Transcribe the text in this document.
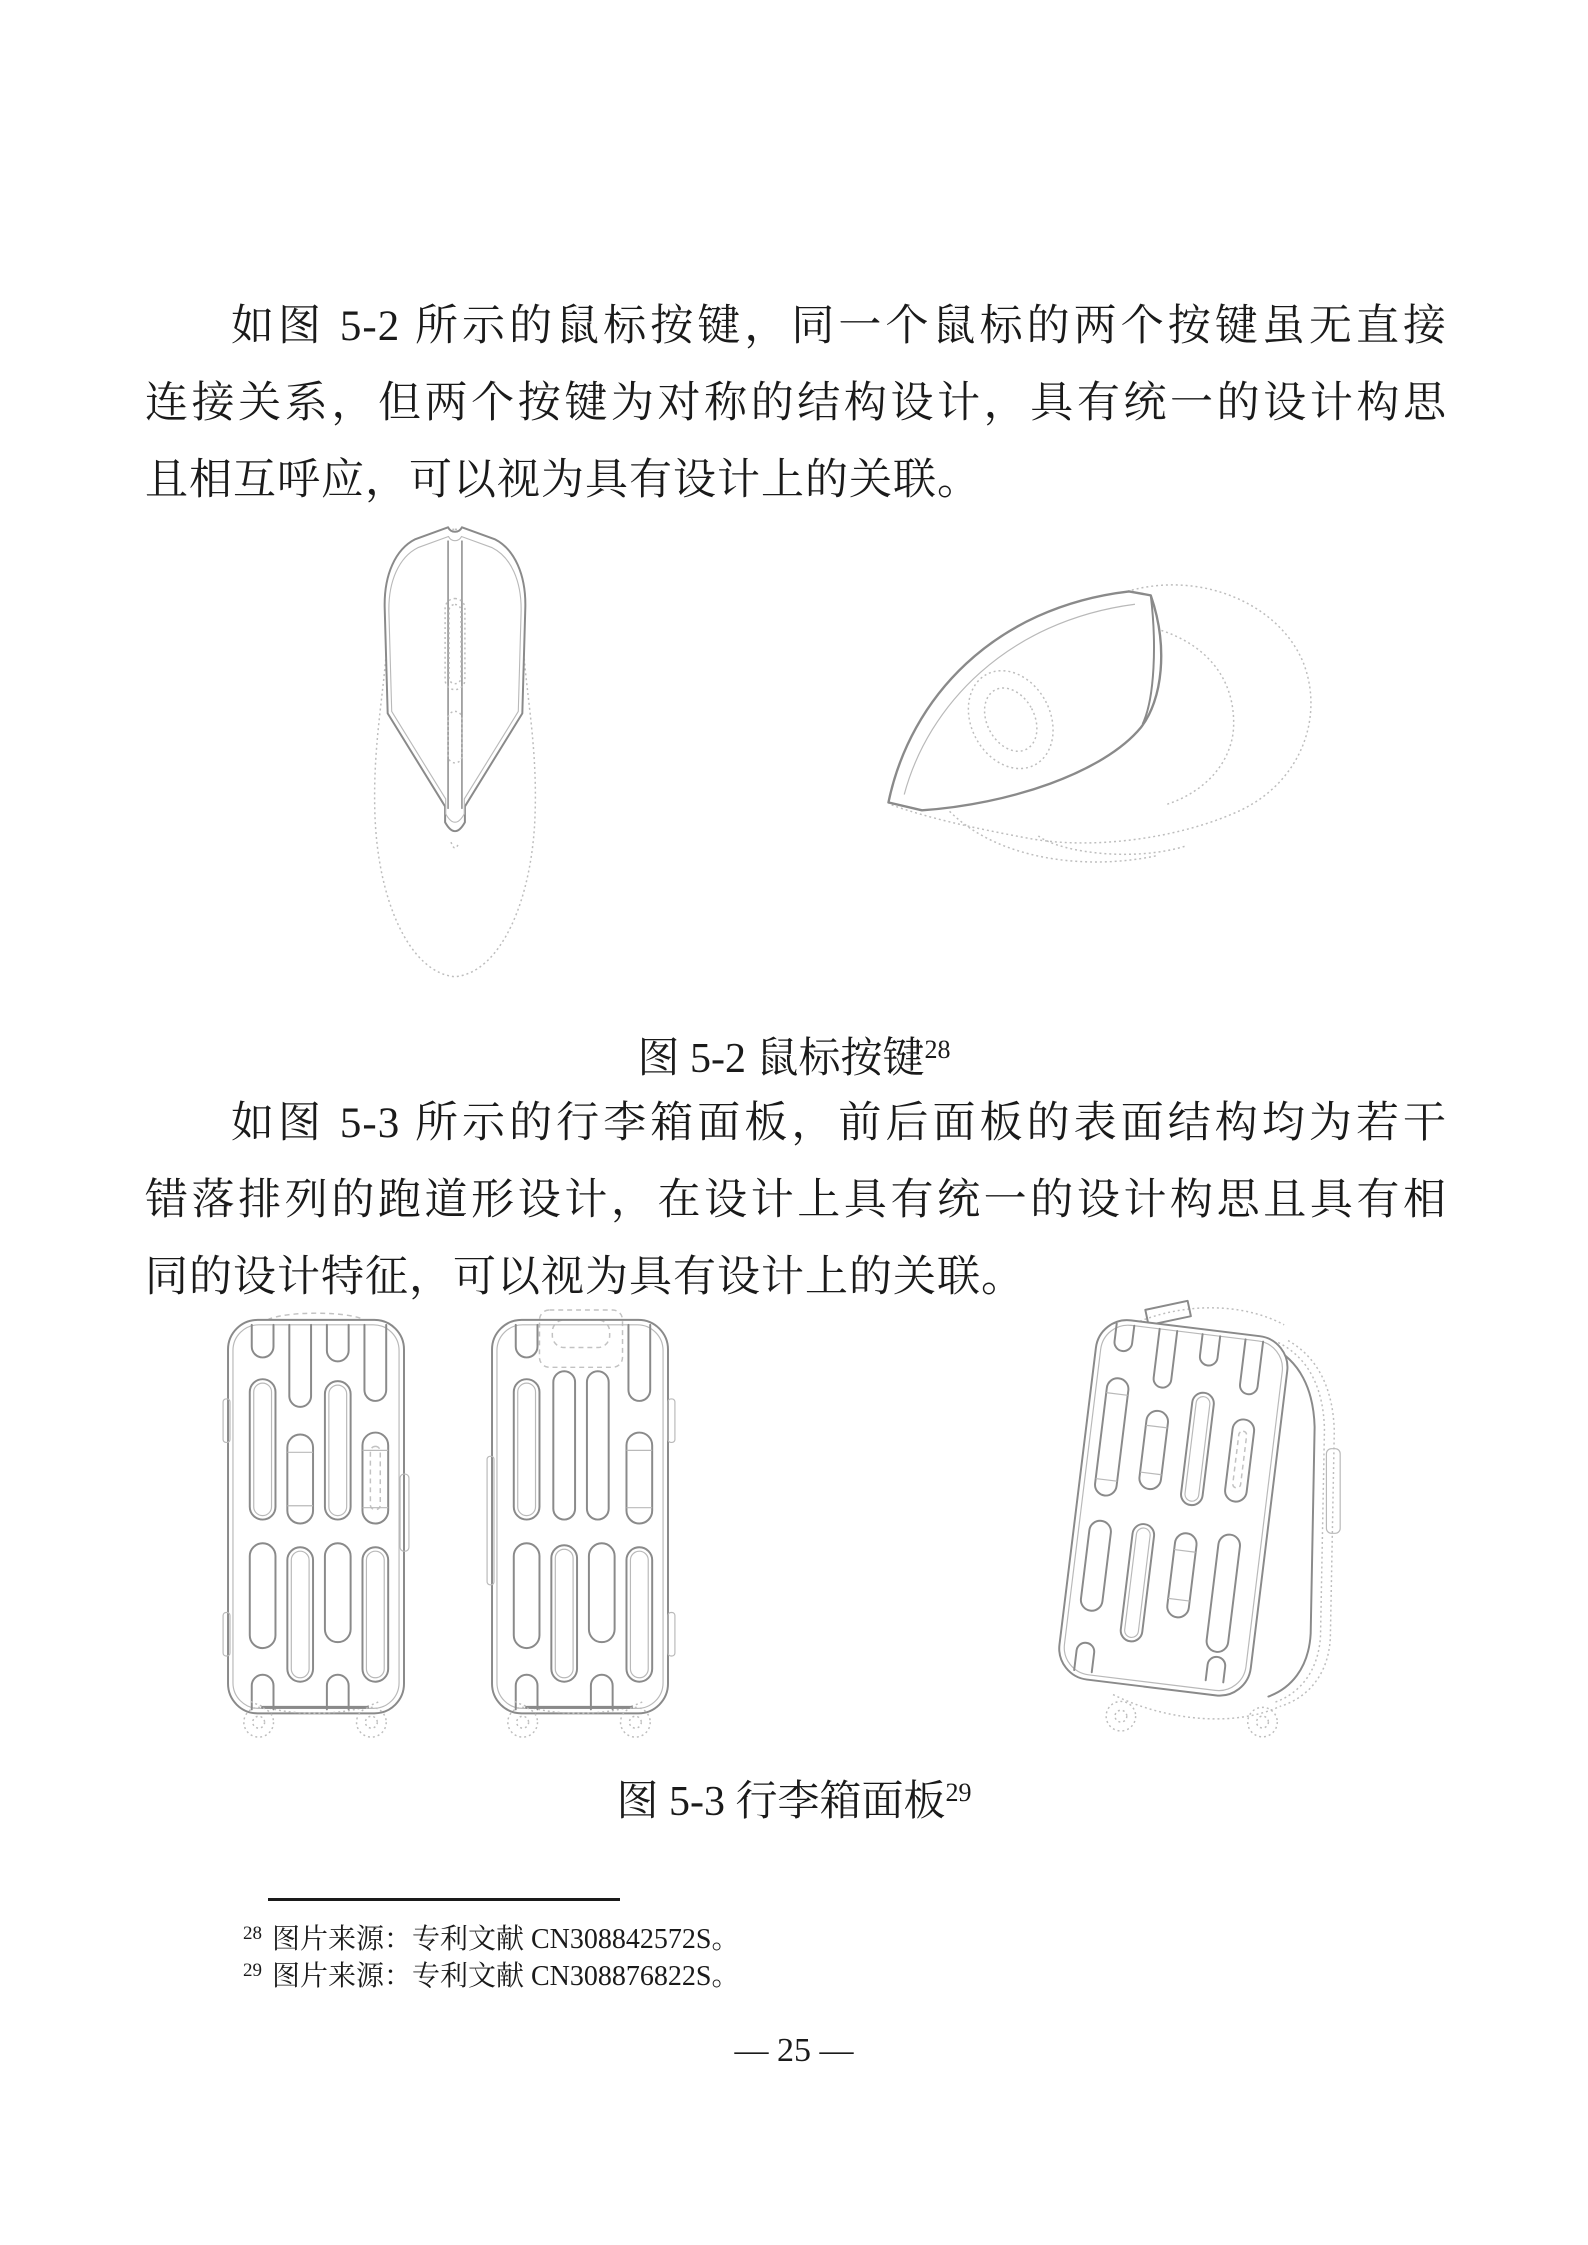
如图 5-2 所示的鼠标按键，同一个鼠标的两个按键虽无直接
连接关系，但两个按键为对称的结构设计，具有统一的设计构思
且相互呼应，可以视为具有设计上的关联。
图 5-2 鼠标按键$^{28}$
如图 5-3 所示的行李箱面板，前后面板的表面结构均为若干
错落排列的跑道形设计，在设计上具有统一的设计构思且具有相
同的设计特征，可以视为具有设计上的关联。
图 5-3 行李箱面板$^{29}$
$^{28}$ 图片来源：专利文献 CN308842572S。
$^{29}$ 图片来源：专利文献 CN308876822S。
— 25 —
